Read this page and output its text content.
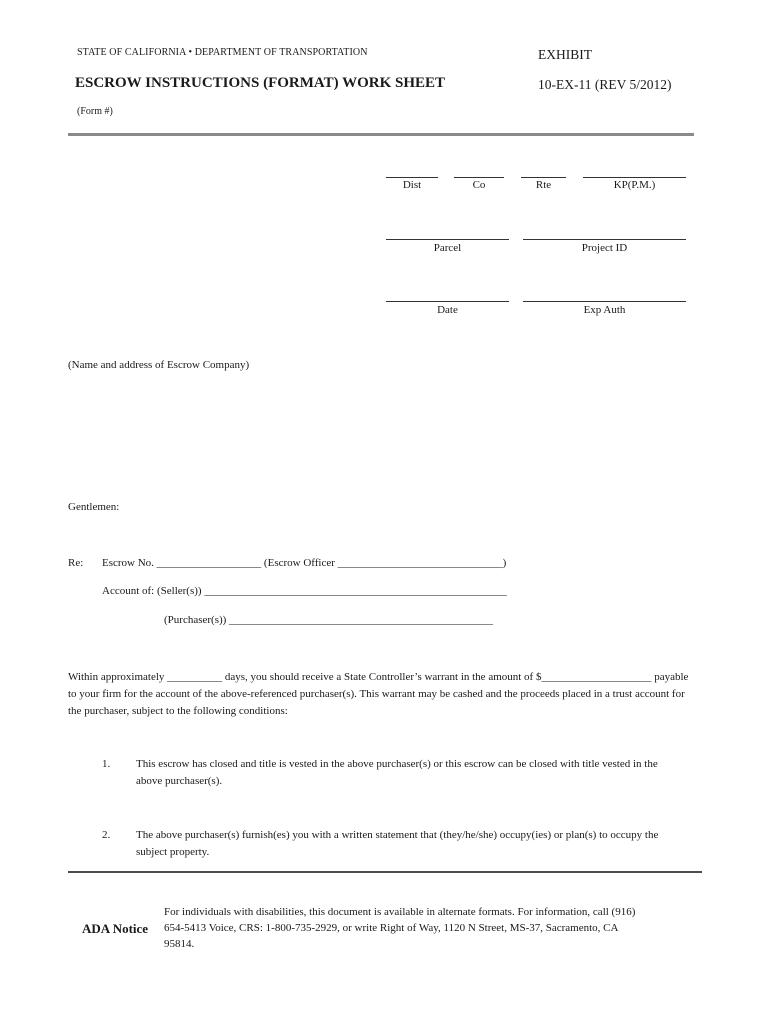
STATE OF CALIFORNIA • DEPARTMENT OF TRANSPORTATION	EXHIBIT
ESCROW INSTRUCTIONS (FORMAT) WORK SHEET	10-EX-11 (REV 5/2012)
(Form #)
Dist	Co	Rte	KP(P.M.)
Parcel	Project ID
Date	Exp Auth
(Name and address of Escrow Company)
Gentlemen:
Re: Escrow No. ___________________ (Escrow Officer ______________________________)
Account of: (Seller(s)) _______________________________________________________
(Purchaser(s)) ________________________________________________
Within approximately __________ days, you should receive a State Controller’s warrant in the amount of $____________________ payable to your firm for the account of the above-referenced purchaser(s). This warrant may be cashed and the proceeds placed in a trust account for the purchaser, subject to the following conditions:
1. This escrow has closed and title is vested in the above purchaser(s) or this escrow can be closed with title vested in the above purchaser(s).
2. The above purchaser(s) furnish(es) you with a written statement that (they/he/she) occupy(ies) or plan(s) to occupy the subject property.
ADA Notice
For individuals with disabilities, this document is available in alternate formats. For information, call (916) 654-5413 Voice, CRS: 1-800-735-2929, or write Right of Way, 1120 N Street, MS-37, Sacramento, CA 95814.
